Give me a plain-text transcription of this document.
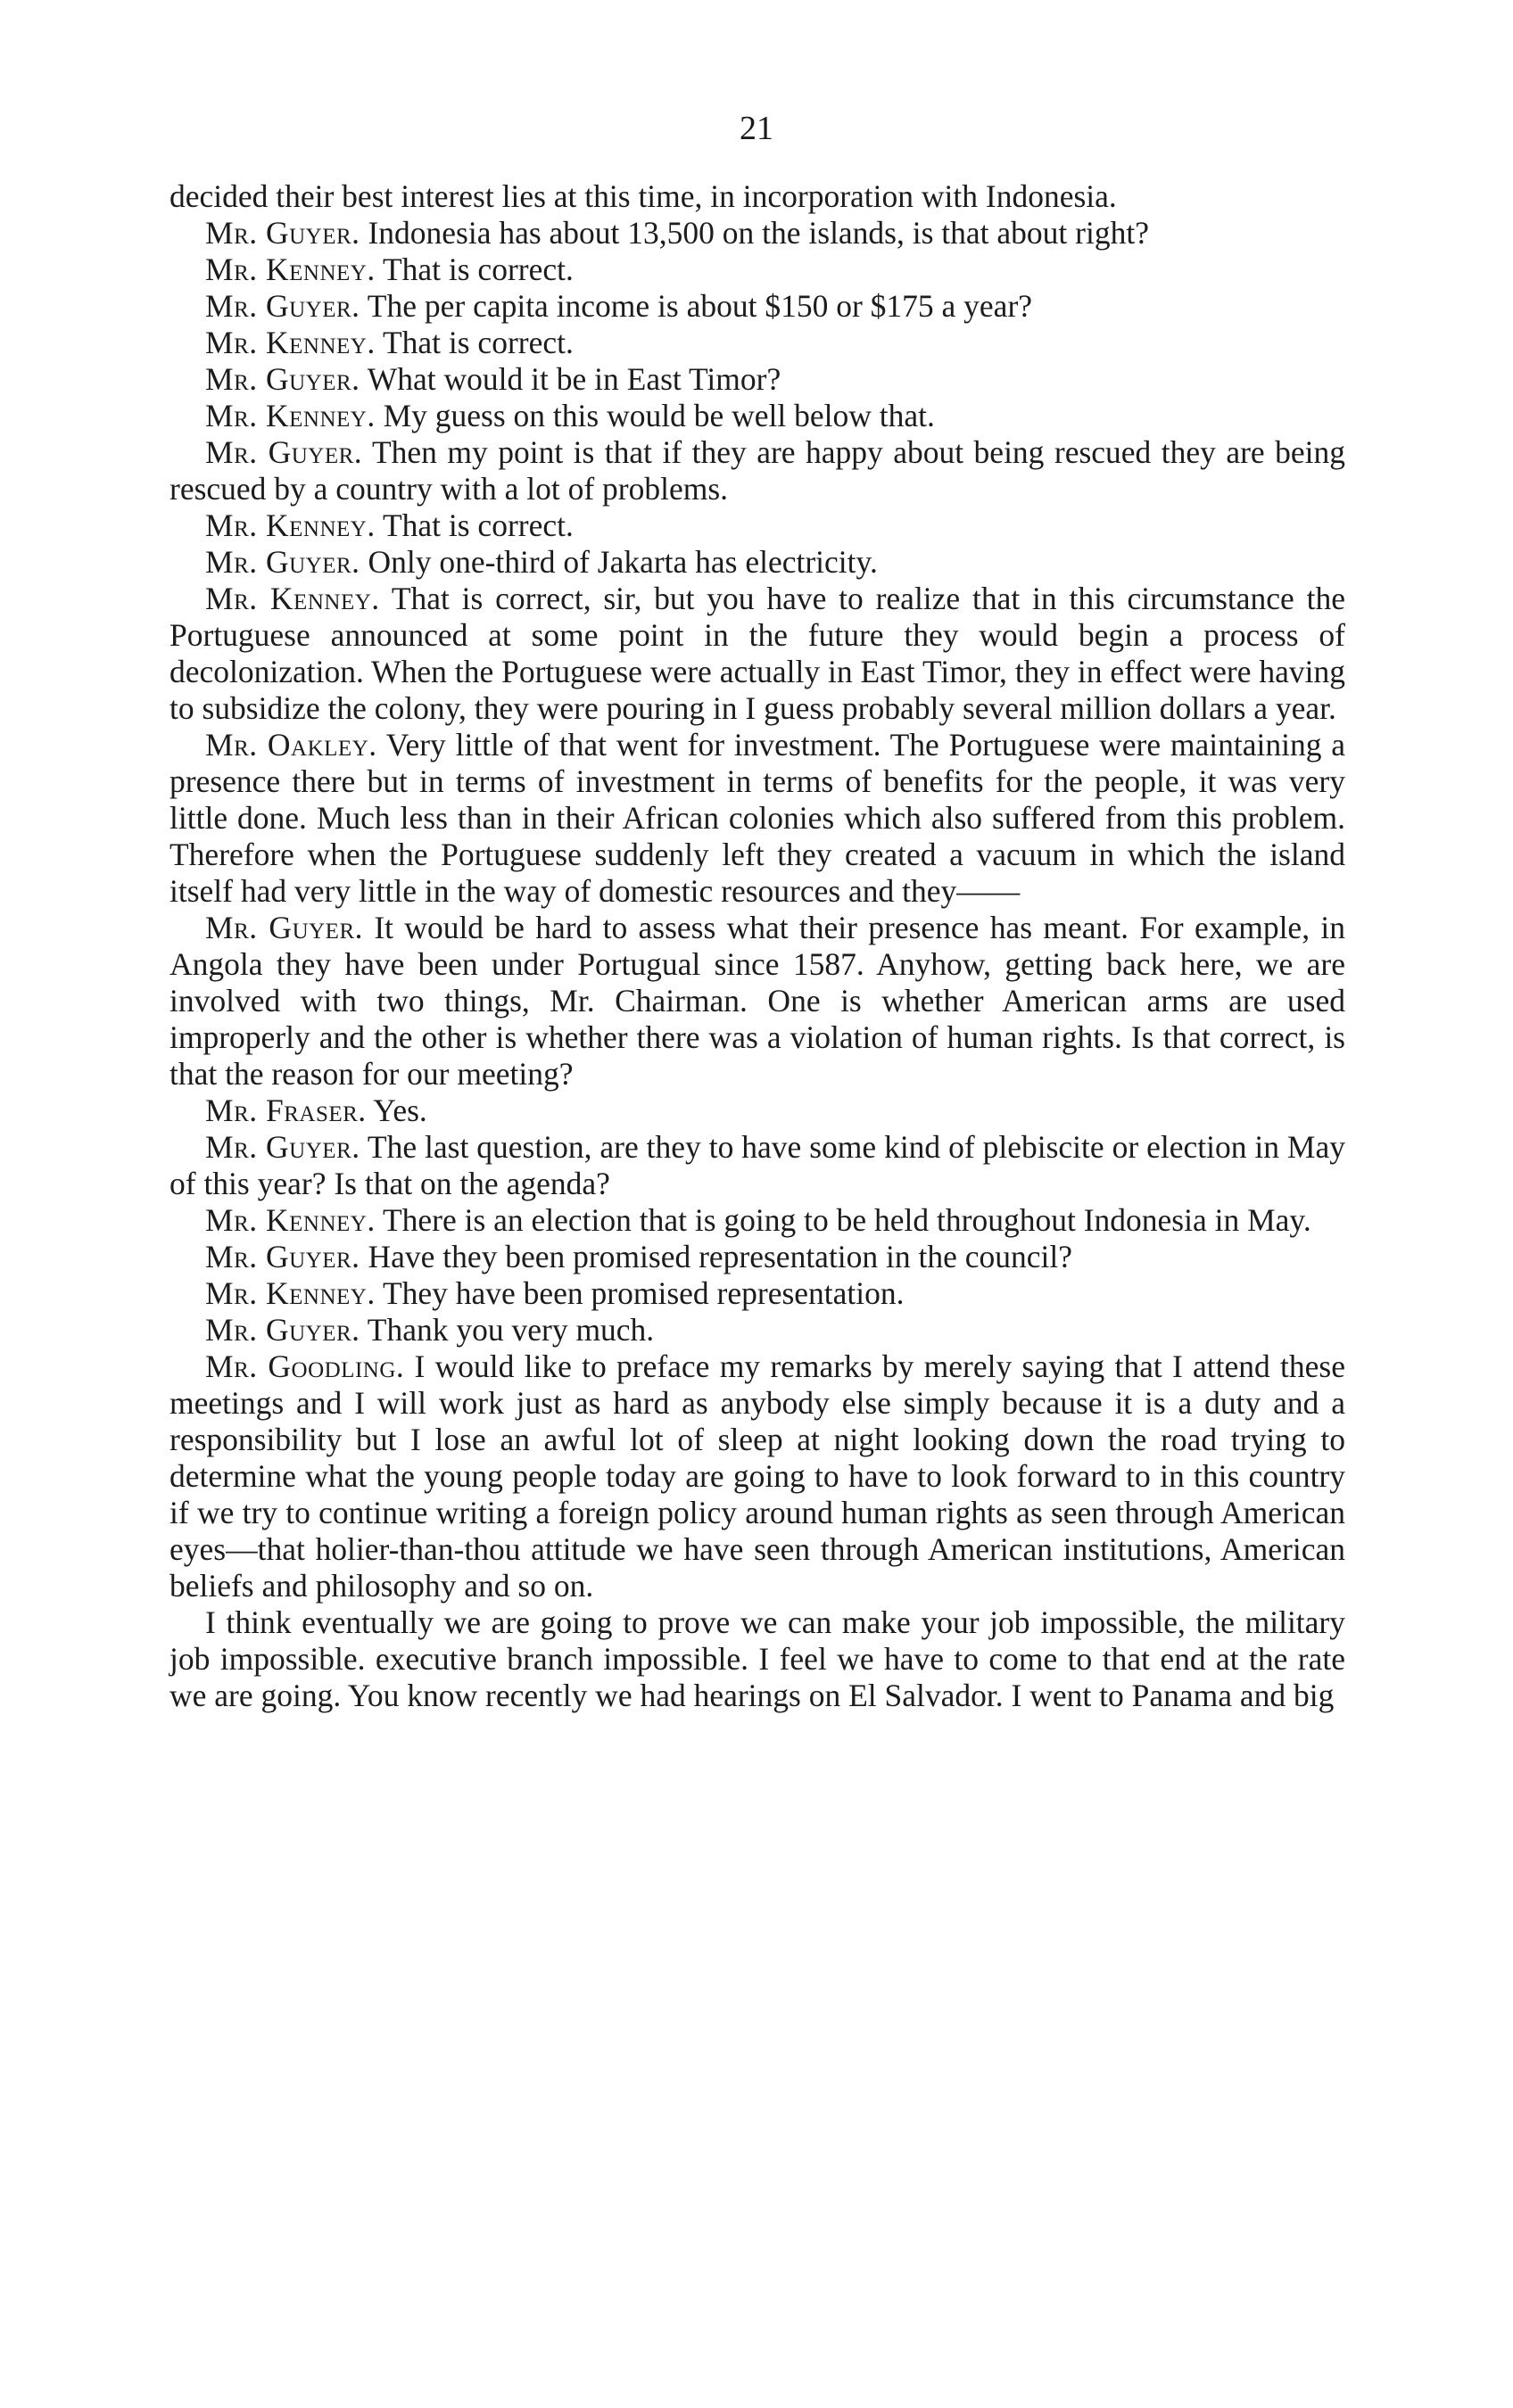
21

decided their best interest lies at this time, in incorporation with Indonesia.

Mr. Guyer. Indonesia has about 13,500 on the islands, is that about right?

Mr. Kenney. That is correct.

Mr. Guyer. The per capita income is about $150 or $175 a year?

Mr. Kenney. That is correct.

Mr. Guyer. What would it be in East Timor?

Mr. Kenney. My guess on this would be well below that.

Mr. Guyer. Then my point is that if they are happy about being rescued they are being rescued by a country with a lot of problems.

Mr. Kenney. That is correct.

Mr. Guyer. Only one-third of Jakarta has electricity.

Mr. Kenney. That is correct, sir, but you have to realize that in this circumstance the Portuguese announced at some point in the future they would begin a process of decolonization. When the Portuguese were actually in East Timor, they in effect were having to subsidize the colony, they were pouring in I guess probably several million dollars a year.

Mr. Oakley. Very little of that went for investment. The Portuguese were maintaining a presence there but in terms of investment in terms of benefits for the people, it was very little done. Much less than in their African colonies which also suffered from this problem. Therefore when the Portuguese suddenly left they created a vacuum in which the island itself had very little in the way of domestic resources and they——

Mr. Guyer. It would be hard to assess what their presence has meant. For example, in Angola they have been under Portugual since 1587. Anyhow, getting back here, we are involved with two things, Mr. Chairman. One is whether American arms are used improperly and the other is whether there was a violation of human rights. Is that correct, is that the reason for our meeting?

Mr. Fraser. Yes.

Mr. Guyer. The last question, are they to have some kind of plebiscite or election in May of this year? Is that on the agenda?

Mr. Kenney. There is an election that is going to be held throughout Indonesia in May.

Mr. Guyer. Have they been promised representation in the council?

Mr. Kenney. They have been promised representation.

Mr. Guyer. Thank you very much.

Mr. Goodling. I would like to preface my remarks by merely saying that I attend these meetings and I will work just as hard as anybody else simply because it is a duty and a responsibility but I lose an awful lot of sleep at night looking down the road trying to determine what the young people today are going to have to look forward to in this country if we try to continue writing a foreign policy around human rights as seen through American eyes—that holier-than-thou attitude we have seen through American institutions, American beliefs and philosophy and so on.

I think eventually we are going to prove we can make your job impossible, the military job impossible. executive branch impossible. I feel we have to come to that end at the rate we are going. You know recently we had hearings on El Salvador. I went to Panama and big
